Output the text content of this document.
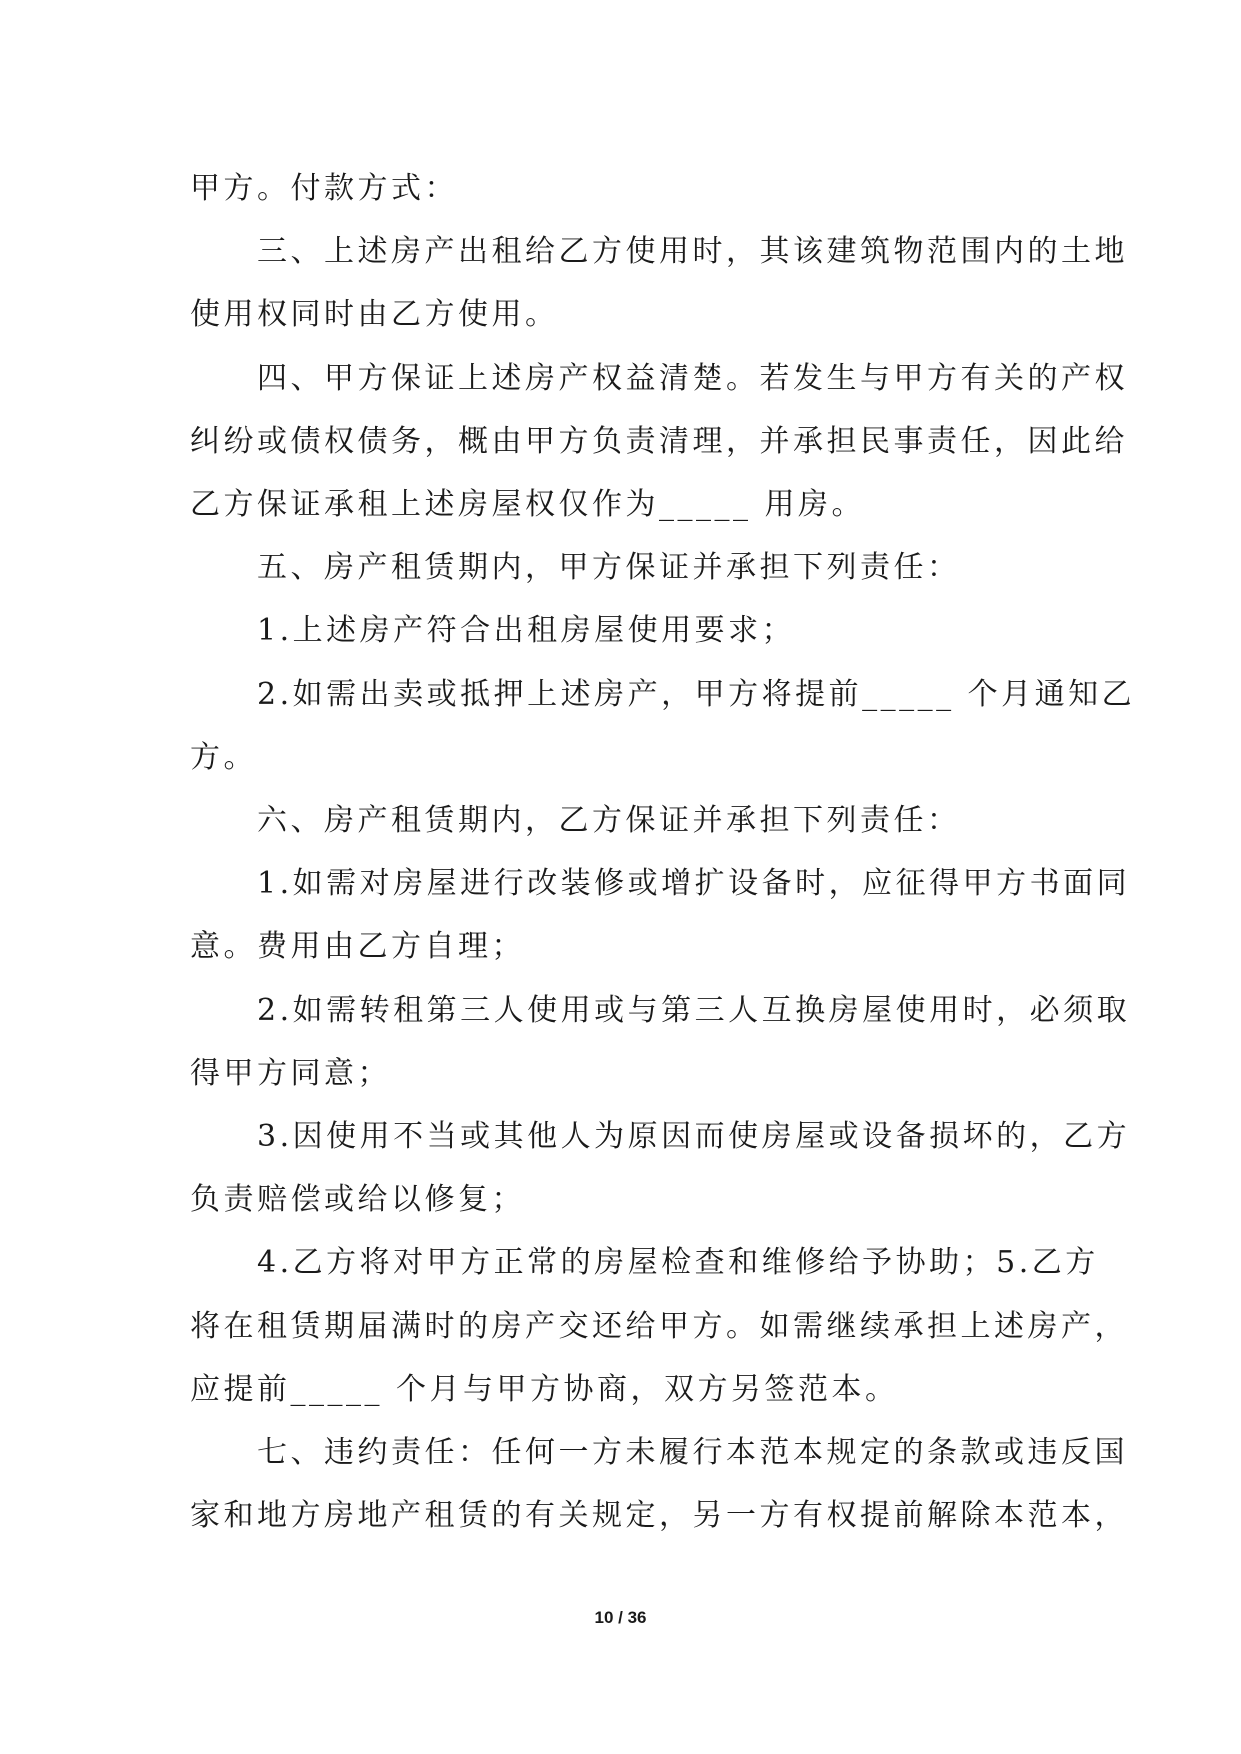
甲方。付款方式：
　　三、上述房产出租给乙方使用时，其该建筑物范围内的土地
使用权同时由乙方使用。
　　四、甲方保证上述房产权益清楚。若发生与甲方有关的产权
纠纷或债权债务，概由甲方负责清理，并承担民事责任，因此给
乙方保证承租上述房屋权仅作为_____ 用房。
　　五、房产租赁期内，甲方保证并承担下列责任：
　　1.上述房产符合出租房屋使用要求；
　　2.如需出卖或抵押上述房产，甲方将提前_____ 个月通知乙
方。
　　六、房产租赁期内，乙方保证并承担下列责任：
　　1.如需对房屋进行改装修或增扩设备时，应征得甲方书面同
意。费用由乙方自理；
　　2.如需转租第三人使用或与第三人互换房屋使用时，必须取
得甲方同意；
　　3.因使用不当或其他人为原因而使房屋或设备损坏的，乙方
负责赔偿或给以修复；
　　4.乙方将对甲方正常的房屋检查和维修给予协助；5.乙方
将在租赁期届满时的房产交还给甲方。如需继续承担上述房产，
应提前_____ 个月与甲方协商，双方另签范本。
　　七、违约责任：任何一方未履行本范本规定的条款或违反国
家和地方房地产租赁的有关规定，另一方有权提前解除本范本，

10 / 36
